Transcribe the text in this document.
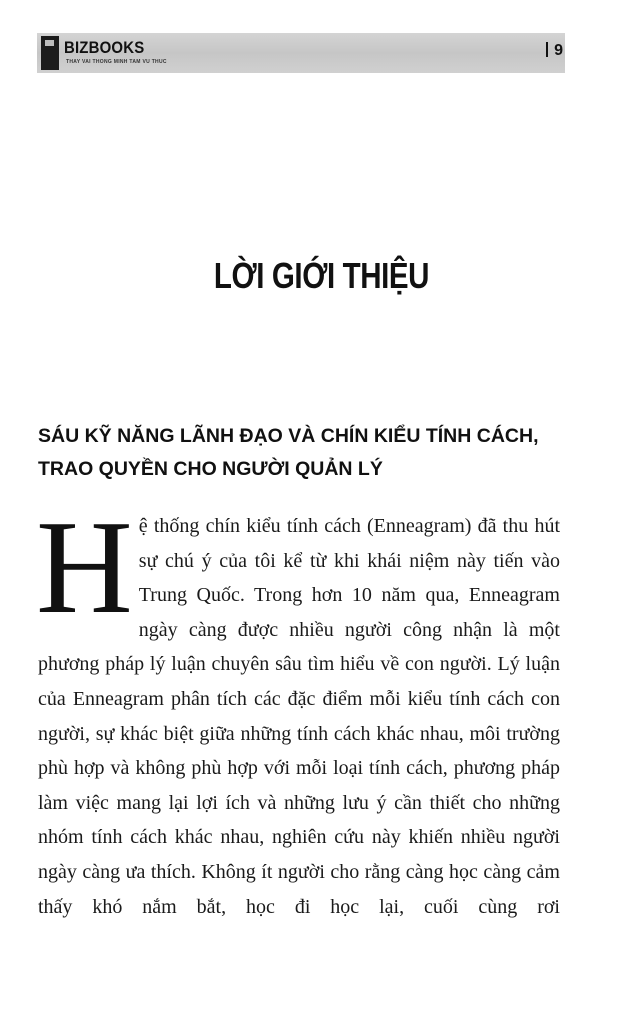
BIZBOOKS
THAY VAI THONG MINH TAM VU THUC
9
LỜI GIỚI THIỆU
SÁU KỸ NĂNG LÃNH ĐẠO VÀ CHÍN KIỂU TÍNH CÁCH,
TRAO QUYỀN CHO NGƯỜI QUẢN LÝ
H ệ thống chín kiểu tính cách (Enneagram) đã thu hút sự chú ý của tôi kể từ khi khái niệm này tiến vào Trung Quốc. Trong hơn 10 năm qua, Enneagram ngày càng được nhiều người công nhận là một phương pháp lý luận chuyên sâu tìm hiểu về con người. Lý luận của Enneagram phân tích các đặc điểm mỗi kiểu tính cách con người, sự khác biệt giữa những tính cách khác nhau, môi trường phù hợp và không phù hợp với mỗi loại tính cách, phương pháp làm việc mang lại lợi ích và những lưu ý cần thiết cho những nhóm tính cách khác nhau, nghiên cứu này khiến nhiều người ngày càng ưa thích. Không ít người cho rằng càng học càng cảm thấy khó nắm bắt, học đi học lại, cuối cùng rơi
